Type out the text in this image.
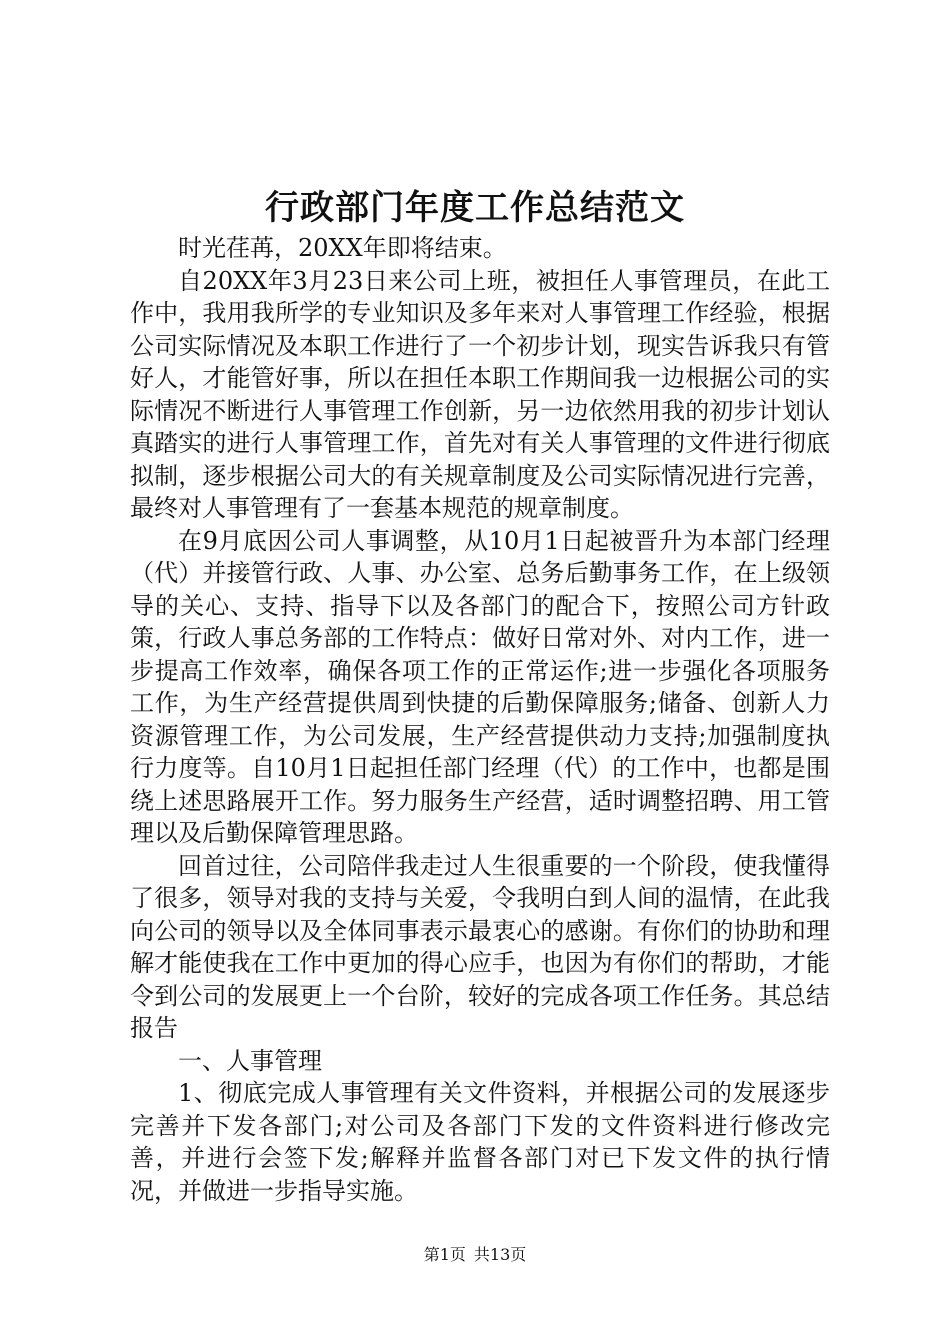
行政部门年度工作总结范文

时光荏苒，20XX年即将结束。

自20XX年3月23日来公司上班，被担任人事管理员，在此工作中，我用我所学的专业知识及多年来对人事管理工作经验，根据公司实际情况及本职工作进行了一个初步计划，现实告诉我只有管好人，才能管好事，所以在担任本职工作期间我一边根据公司的实际情况不断进行人事管理工作创新，另一边依然用我的初步计划认真踏实的进行人事管理工作，首先对有关人事管理的文件进行彻底拟制，逐步根据公司大的有关规章制度及公司实际情况进行完善，最终对人事管理有了一套基本规范的规章制度。

在9月底因公司人事调整，从10月1日起被晋升为本部门经理（代）并接管行政、人事、办公室、总务后勤事务工作，在上级领导的关心、支持、指导下以及各部门的配合下，按照公司方针政策，行政人事总务部的工作特点：做好日常对外、对内工作，进一步提高工作效率，确保各项工作的正常运作;进一步强化各项服务工作，为生产经营提供周到快捷的后勤保障服务;储备、创新人力资源管理工作，为公司发展，生产经营提供动力支持;加强制度执行力度等。自10月1日起担任部门经理（代）的工作中，也都是围绕上述思路展开工作。努力服务生产经营，适时调整招聘、用工管理以及后勤保障管理思路。

回首过往，公司陪伴我走过人生很重要的一个阶段，使我懂得了很多，领导对我的支持与关爱，令我明白到人间的温情，在此我向公司的领导以及全体同事表示最衷心的感谢。有你们的协助和理解才能使我在工作中更加的得心应手，也因为有你们的帮助，才能令到公司的发展更上一个台阶，较好的完成各项工作任务。其总结报告

一、人事管理

1、彻底完成人事管理有关文件资料，并根据公司的发展逐步完善并下发各部门;对公司及各部门下发的文件资料进行修改完善，并进行会签下发;解释并监督各部门对已下发文件的执行情况，并做进一步指导实施。

第1页 共13页
